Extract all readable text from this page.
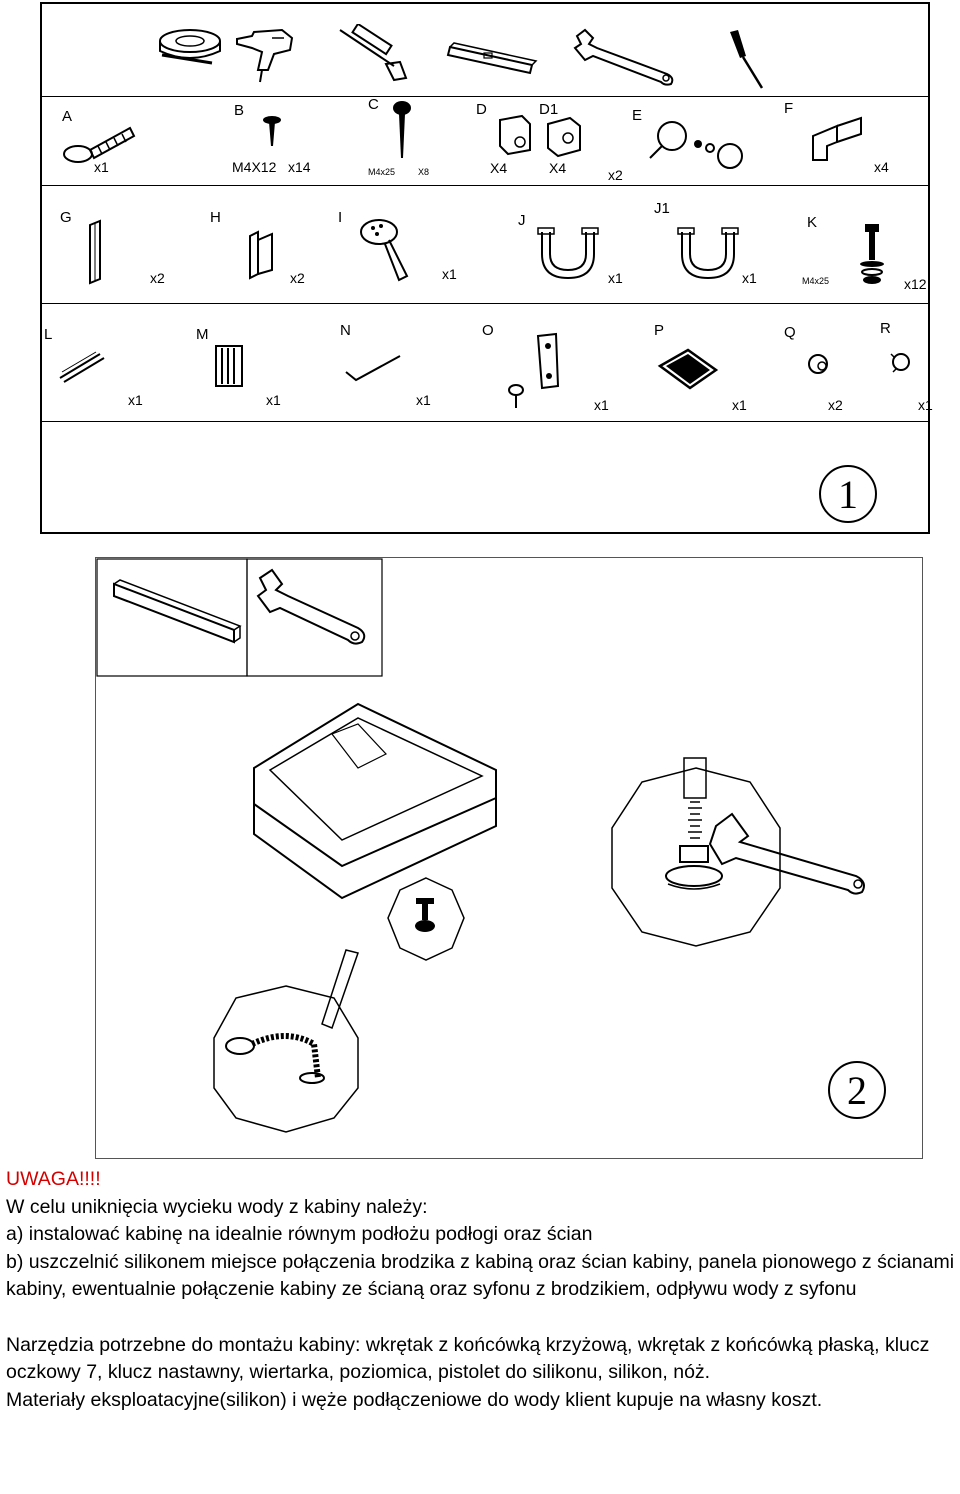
A
x1
B
M4X12 x14
C
M4x25	X8
D
X4
D1
X4
E
x2
F
x4
G
x2
H
x2
I
x1
J
x1
J1
x1
K
M4x25	x12
L
x1
M
x1
N
x1
O
x1
P
x1
Q
x2
R
x1
1
2

UWAGA!!!!

W celu uniknięcia wycieku wody z kabiny należy:

a) instalować kabinę na idealnie równym podłożu podłogi oraz ścian

b) uszczelnić silikonem miejsce połączenia brodzika z kabiną oraz ścian kabiny, panela pionowego z ścianami kabiny, ewentualnie połączenie kabiny ze ścianą oraz syfonu z brodzikiem, odpływu wody z syfonu

Narzędzia potrzebne do montażu kabiny: wkrętak z końcówką krzyżową, wkrętak z końcówką płaską, klucz

oczkowy 7, klucz nastawny, wiertarka, poziomica, pistolet do silikonu, silikon, nóż.

Materiały eksploatacyjne(silikon) i węże podłączeniowe do wody klient kupuje na własny koszt.
